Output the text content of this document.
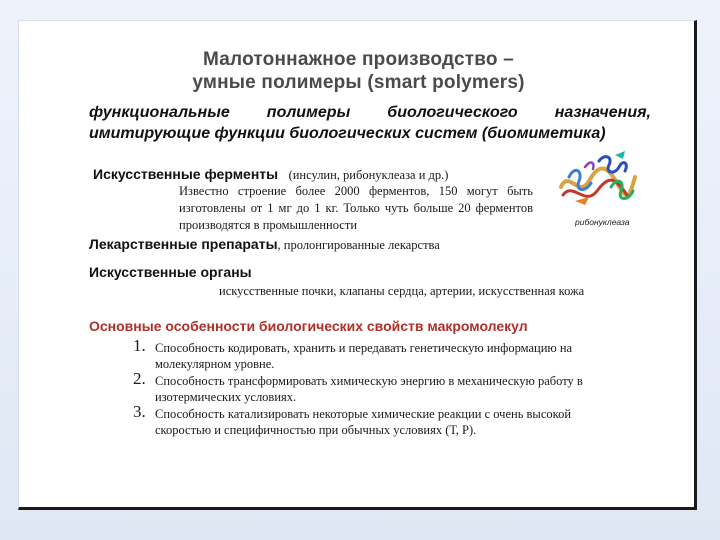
Малотоннажное производство –
умные полимеры (smart polymers)
функциональные полимеры биологического назначения,
имитирующие функции биологических систем (биомиметика)
Искусственные ферменты (инсулин, рибонуклеаза и др.)
Известно строение более 2000 ферментов, 150 могут быть изготовлены от 1 мг до 1 кг. Только чуть больше 20 ферментов производятся в промышленности	рибонуклеаза
Лекарственные препараты, пролонгированные лекарства
Искусственные органы
искусственные почки, клапаны сердца, артерии, искусственная кожа
Основные особенности биологических свойств макромолекул
1. Способность кодировать, хранить и передавать генетическую информацию на молекулярном уровне.
2. Способность трансформировать химическую энергию в механическую работу в изотермических условиях.
3. Способность катализировать некоторые химические реакции с очень высокой скоростью и специфичностью при обычных условиях (Т, Р).
